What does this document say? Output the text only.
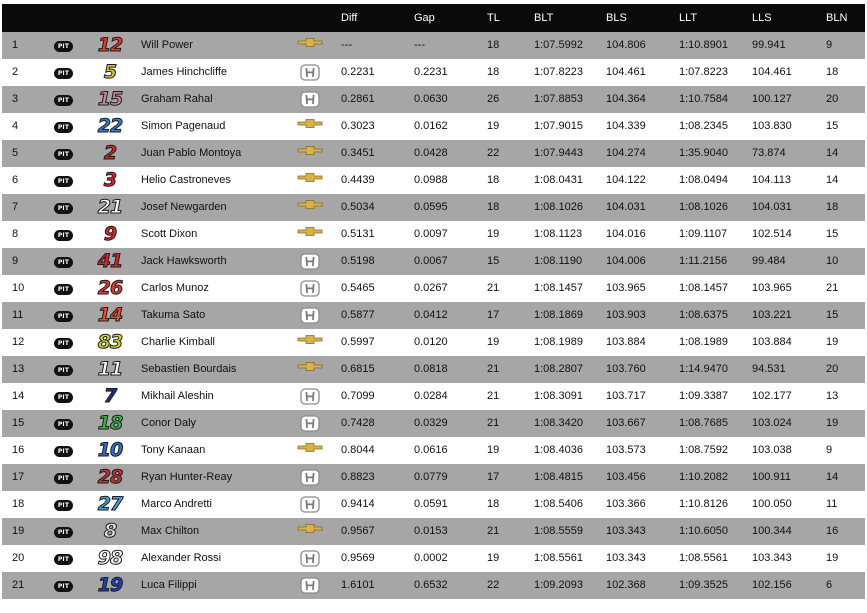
Diff	Gap	TL	BLT	BLS	LLT	LLS	BLN
1	PIT 12	Will Power	---	---	18	1:07.5992 104.806	1:10.8901 99.941	9
2	PIT	5	James Hinchcliffe	0.2231	0.2231	18	1:07.8223 104.461	1:07.8223 104.461	18
3	PIT 15	Graham Rahal	0.2861	0.0630	26	1:07.8853 104.364	1:10.7584 100.127	20
4	PIT 22	Simon Pagenaud	0.3023	0.0162	19	1:07.9015 104.339	1:08.2345 103.830	15
5	PIT	2	Juan Pablo Montoya	0.3451	0.0428	22	1:07.9443 104.274	1:35.9040 73.874	14
6	PIT	3	Helio Castroneves	0.4439	0.0988	18	1:08.0431 104.122	1:08.0494 104.113	14
7	PIT 21	Josef Newgarden	0.5034	0.0595	18	1:08.1026 104.031	1:08.1026 104.031	18
8	PIT	9	Scott Dixon	0.5131	0.0097	19	1:08.1123 104.016	1:09.1107 102.514	15
9	PIT 41	Jack Hawksworth	0.5198	0.0067	15	1:08.1190 104.006	1:11.2156 99.484	10
10	PIT 26	Carlos Munoz	0.5465	0.0267	21	1:08.1457 103.965	1:08.1457 103.965	21
11	PIT 14	Takuma Sato	0.5877	0.0412	17	1:08.1869 103.903	1:08.6375 103.221	15
12	PIT 83	Charlie Kimball	0.5997	0.0120	19	1:08.1989 103.884	1:08.1989 103.884	19
13	PIT 11	Sebastien Bourdais	0.6815	0.0818	21	1:08.2807 103.760	1:14.9470 94.531	20
14	PIT	7	Mikhail Aleshin	0.7099	0.0284	21	1:08.3091 103.717	1:09.3387 102.177	13
15	PIT 18	Conor Daly	0.7428	0.0329	21	1:08.3420 103.667	1:08.7685 103.024	19
16	PIT 10	Tony Kanaan	0.8044	0.0616	19	1:08.4036 103.573	1:08.7592 103.038	9
17	PIT 28	Ryan Hunter-Reay	0.8823	0.0779	17	1:08.4815 103.456	1:10.2082 100.911	14
18	PIT 27	Marco Andretti	0.9414	0.0591	18	1:08.5406 103.366	1:10.8126 100.050	11
19	PIT	8	Max Chilton	0.9567	0.0153	21	1:08.5559 103.343	1:10.6050 100.344	16
20	PIT 98	Alexander Rossi	0.9569	0.0002	19	1:08.5561 103.343	1:08.5561 103.343	19
21	PIT 19	Luca Filippi	1.6101	0.6532	22	1:09.2093 102.368	1:09.3525 102.156	6
